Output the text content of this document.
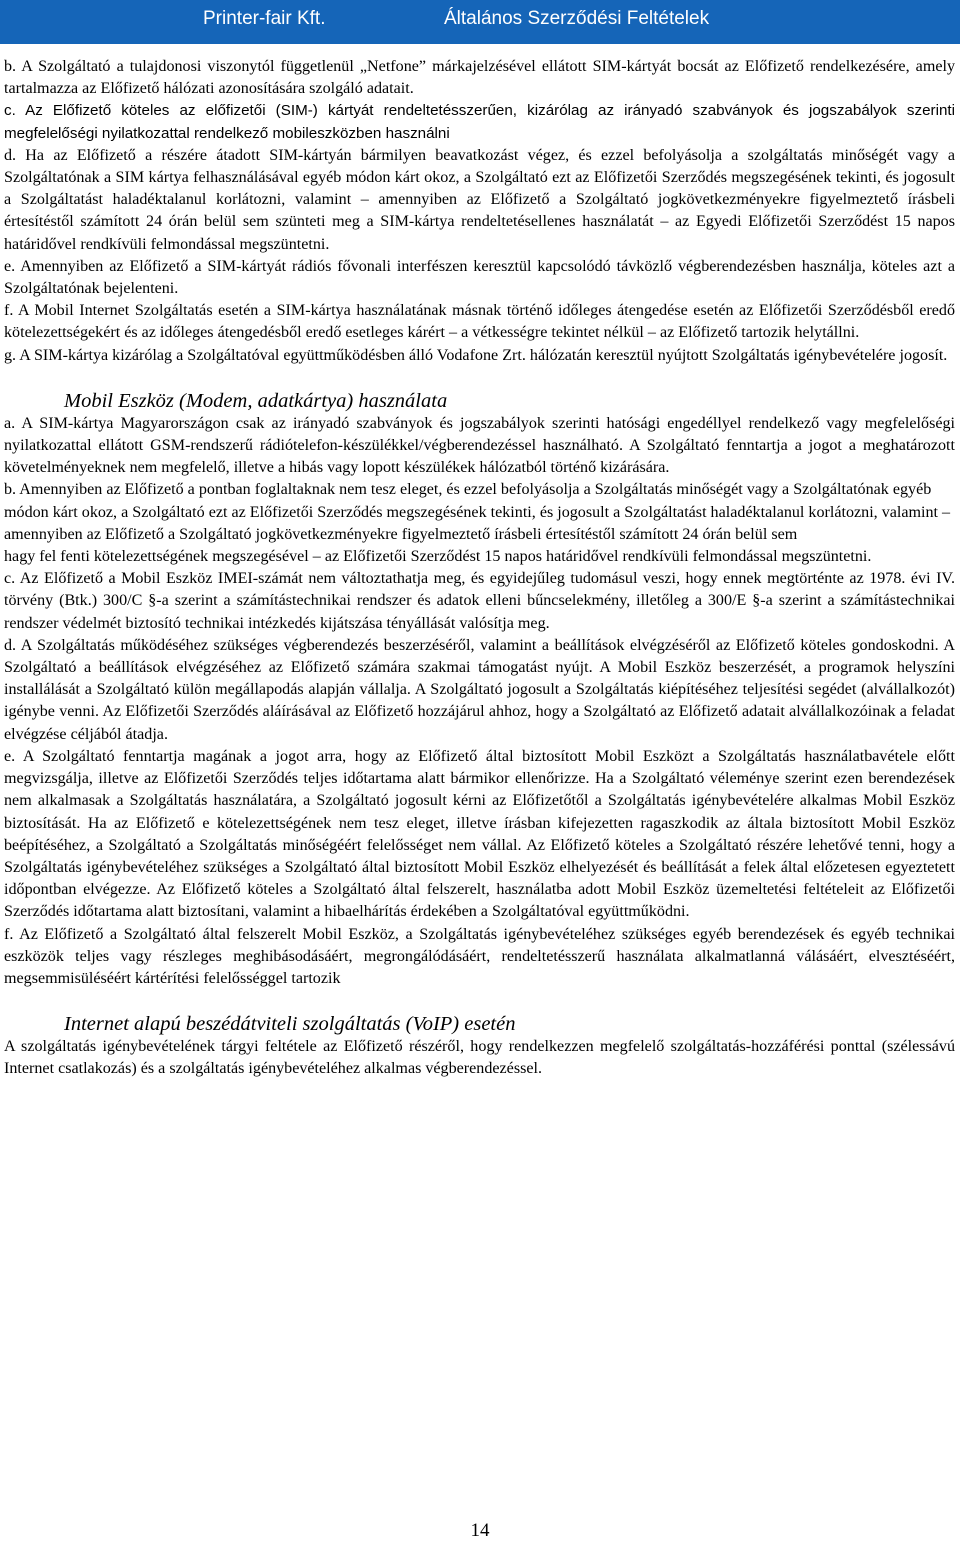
Printer-fair Kft.	Általános Szerződési Feltételek

b. A Szolgáltató a tulajdonosi viszonytól függetlenül „Netfone” márkajelzésével ellátott SIM-kártyát bocsát az Előfizető rendelkezésére, amely tartalmazza az Előfizető hálózati azonosítására szolgáló adatait.

c. Az Előfizető köteles az előfizetői (SIM-) kártyát rendeltetésszerűen, kizárólag az irányadó szabványok és jogszabályok szerinti megfelelőségi nyilatkozattal rendelkező mobileszközben használni

d. Ha az Előfizető a részére átadott SIM-kártyán bármilyen beavatkozást végez, és ezzel befolyásolja a szolgáltatás minőségét vagy a Szolgáltatónak a SIM kártya felhasználásával egyéb módon kárt okoz, a Szolgáltató ezt az Előfizetői Szerződés megszegésének tekinti, és jogosult a Szolgáltatást haladéktalanul korlátozni, valamint – amennyiben az Előfizető a Szolgáltató jogkövetkezményekre figyelmeztető írásbeli értesítéstől számított 24 órán belül sem szünteti meg a SIM-kártya rendeltetésellenes használatát – az Egyedi Előfizetői Szerződést 15 napos határidővel rendkívüli felmondással megszüntetni.

e. Amennyiben az Előfizető a SIM-kártyát rádiós fővonali interfészen keresztül kapcsolódó távközlő végberendezésben használja, köteles azt a Szolgáltatónak bejelenteni.

f. A Mobil Internet Szolgáltatás esetén a SIM-kártya használatának másnak történő időleges átengedése esetén az Előfizetői Szerződésből eredő kötelezettségekért és az időleges átengedésből eredő esetleges kárért – a vétkességre tekintet nélkül – az Előfizető tartozik helytállni.

g. A SIM-kártya kizárólag a Szolgáltatóval együttműködésben álló Vodafone Zrt. hálózatán keresztül nyújtott Szolgáltatás igénybevételére jogosít.

Mobil Eszköz (Modem, adatkártya) használata

a. A SIM-kártya Magyarországon csak az irányadó szabványok és jogszabályok szerinti hatósági engedéllyel rendelkező vagy megfelelőségi nyilatkozattal ellátott GSM-rendszerű rádiótelefon-készülékkel/végberendezéssel használható. A Szolgáltató fenntartja a jogot a meghatározott követelményeknek nem megfelelő, illetve a hibás vagy lopott készülékek hálózatból történő kizárására.

b. Amennyiben az Előfizető a pontban foglaltaknak nem tesz eleget, és ezzel befolyásolja a Szolgáltatás minőségét vagy a Szolgáltatónak egyéb módon kárt okoz, a Szolgáltató ezt az Előfizetői Szerződés megszegésének tekinti, és jogosult a Szolgáltatást haladéktalanul korlátozni, valamint – amennyiben az Előfizető a Szolgáltató jogkövetkezményekre figyelmeztető írásbeli értesítéstől számított 24 órán belül sem

hagy fel fenti kötelezettségének megszegésével – az Előfizetői Szerződést 15 napos határidővel rendkívüli felmondással megszüntetni.

c. Az Előfizető a Mobil Eszköz IMEI-számát nem változtathatja meg, és egyidejűleg tudomásul veszi, hogy ennek megtörténte az 1978. évi IV. törvény (Btk.) 300/C §-a szerint a számítástechnikai rendszer és adatok elleni bűncselekmény, illetőleg a 300/E §-a szerint a számítástechnikai rendszer védelmét biztosító technikai intézkedés kijátszása tényállását valósítja meg.

d. A Szolgáltatás működéséhez szükséges végberendezés beszerzéséről, valamint a beállítások elvégzéséről az Előfizető köteles gondoskodni. A Szolgáltató a beállítások elvégzéséhez az Előfizető számára szakmai támogatást nyújt. A Mobil Eszköz beszerzését, a programok helyszíni installálását a Szolgáltató külön megállapodás alapján vállalja. A Szolgáltató jogosult a Szolgáltatás kiépítéséhez teljesítési segédet (alvállalkozót) igénybe venni. Az Előfizetői Szerződés aláírásával az Előfizető hozzájárul ahhoz, hogy a Szolgáltató az Előfizető adatait alvállalkozóinak a feladat elvégzése céljából átadja.

e. A Szolgáltató fenntartja magának a jogot arra, hogy az Előfizető által biztosított Mobil Eszközt a Szolgáltatás használatbavétele előtt megvizsgálja, illetve az Előfizetői Szerződés teljes időtartama alatt bármikor ellenőrizze. Ha a Szolgáltató véleménye szerint ezen berendezések nem alkalmasak a Szolgáltatás használatára, a Szolgáltató jogosult kérni az Előfizetőtől a Szolgáltatás igénybevételére alkalmas Mobil Eszköz biztosítását. Ha az Előfizető e kötelezettségének nem tesz eleget, illetve írásban kifejezetten ragaszkodik az általa biztosított Mobil Eszköz beépítéséhez, a Szolgáltató a Szolgáltatás minőségéért felelősséget nem vállal. Az Előfizető köteles a Szolgáltató részére lehetővé tenni, hogy a Szolgáltatás igénybevételéhez szükséges a Szolgáltató által biztosított Mobil Eszköz elhelyezését és beállítását a felek által előzetesen egyeztetett időpontban elvégezze. Az Előfizető köteles a Szolgáltató által felszerelt, használatba adott Mobil Eszköz üzemeltetési feltételeit az Előfizetői Szerződés időtartama alatt biztosítani, valamint a hibaelhárítás érdekében a Szolgáltatóval együttműködni.

f. Az Előfizető a Szolgáltató által felszerelt Mobil Eszköz, a Szolgáltatás igénybevételéhez szükséges egyéb berendezések és egyéb technikai eszközök teljes vagy részleges meghibásodásáért, megrongálódásáért, rendeltetésszerű használata alkalmatlanná válásáért, elvesztéséért, megsemmisüléséért kártérítési felelősséggel tartozik

Internet alapú beszédátviteli szolgáltatás (VoIP) esetén

A szolgáltatás igénybevételének tárgyi feltétele az Előfizető részéről, hogy rendelkezzen megfelelő szolgáltatás-hozzáférési ponttal (szélessávú Internet csatlakozás) és a szolgáltatás igénybevételéhez alkalmas végberendezéssel.

14
